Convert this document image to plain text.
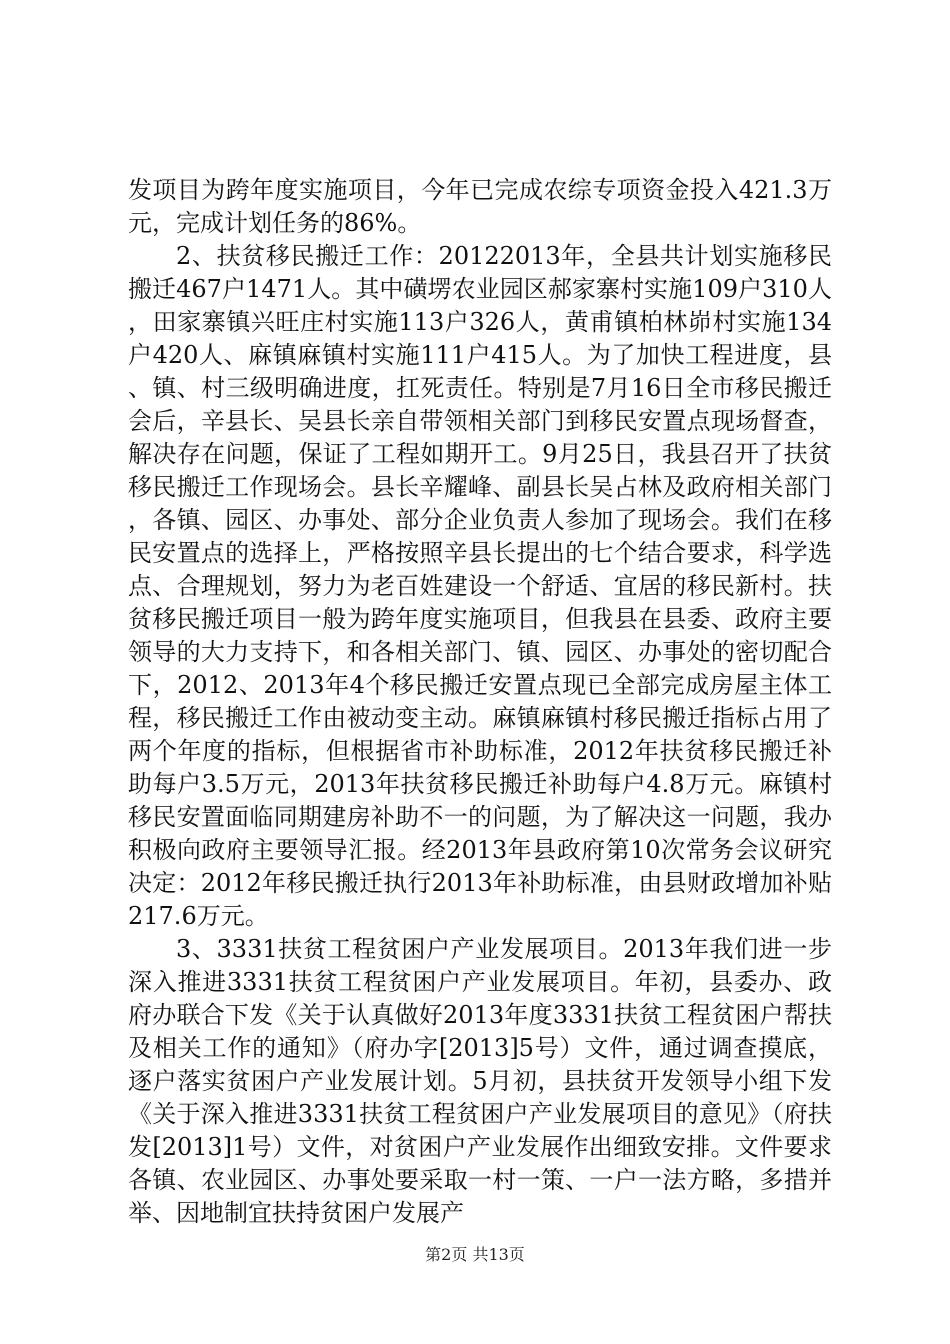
发项目为跨年度实施项目，今年已完成农综专项资金投入421.3万元，完成计划任务的86%。

2、扶贫移民搬迁工作：20122013年，全县共计划实施移民搬迁467户1471人。其中磺塄农业园区郝家寨村实施109户310人，田家寨镇兴旺庄村实施113户326人，黄甫镇柏林峁村实施134户420人、麻镇麻镇村实施111户415人。为了加快工程进度，县、镇、村三级明确进度，扛死责任。特别是7月16日全市移民搬迁会后，辛县长、吴县长亲自带领相关部门到移民安置点现场督查，解决存在问题，保证了工程如期开工。9月25日，我县召开了扶贫移民搬迁工作现场会。县长辛耀峰、副县长吴占林及政府相关部门，各镇、园区、办事处、部分企业负责人参加了现场会。我们在移民安置点的选择上，严格按照辛县长提出的七个结合要求，科学选点、合理规划，努力为老百姓建设一个舒适、宜居的移民新村。扶贫移民搬迁项目一般为跨年度实施项目，但我县在县委、政府主要领导的大力支持下，和各相关部门、镇、园区、办事处的密切配合下，2012、2013年4个移民搬迁安置点现已全部完成房屋主体工程，移民搬迁工作由被动变主动。麻镇麻镇村移民搬迁指标占用了两个年度的指标，但根据省市补助标准，2012年扶贫移民搬迁补助每户3.5万元，2013年扶贫移民搬迁补助每户4.8万元。麻镇村移民安置面临同期建房补助不一的问题，为了解决这一问题，我办积极向政府主要领导汇报。经2013年县政府第10次常务会议研究决定：2012年移民搬迁执行2013年补助标准，由县财政增加补贴217.6万元。

3、3331扶贫工程贫困户产业发展项目。2013年我们进一步深入推进3331扶贫工程贫困户产业发展项目。年初，县委办、政府办联合下发《关于认真做好2013年度3331扶贫工程贫困户帮扶及相关工作的通知》（府办字[2013]5号）文件，通过调查摸底，逐户落实贫困户产业发展计划。5月初，县扶贫开发领导小组下发《关于深入推进3331扶贫工程贫困户产业发展项目的意见》（府扶发[2013]1号）文件，对贫困户产业发展作出细致安排。文件要求各镇、农业园区、办事处要采取一村一策、一户一法方略，多措并举、因地制宜扶持贫困户发展产

第2页 共13页
